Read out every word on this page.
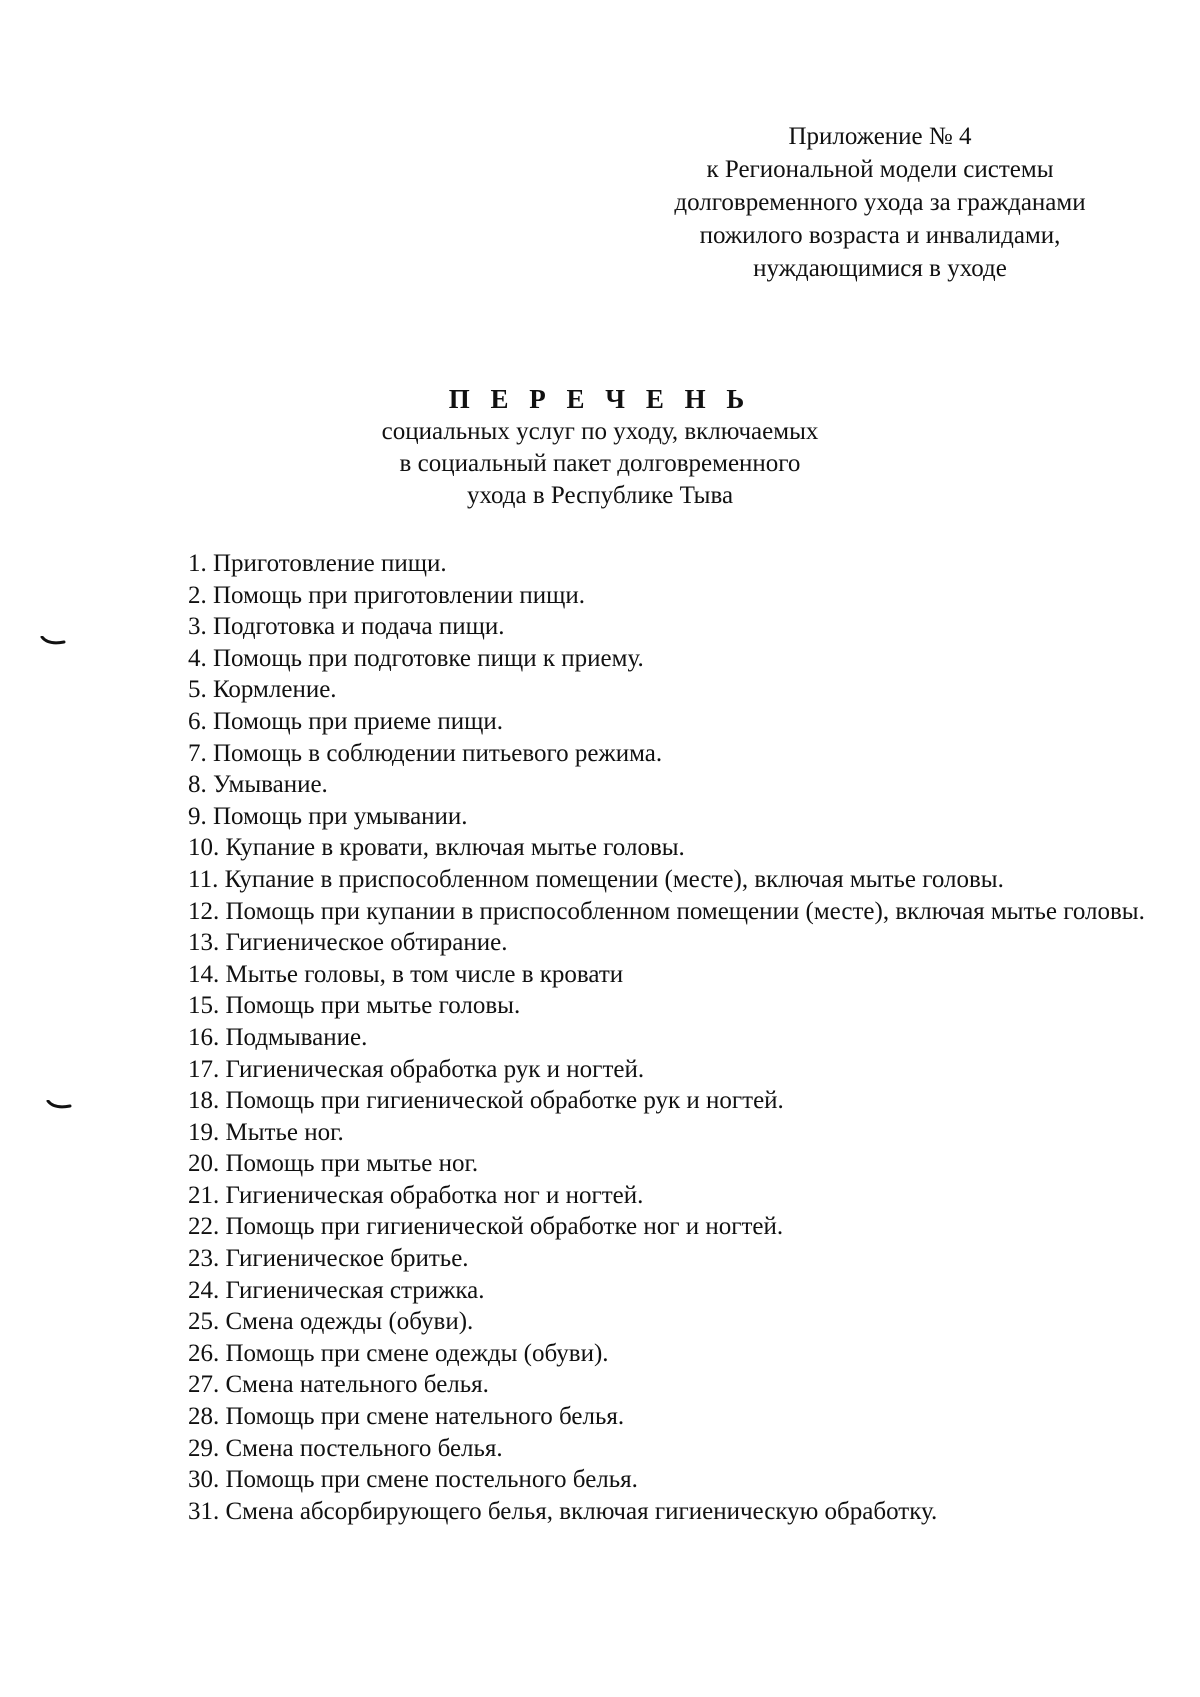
Приложение № 4
к Региональной модели системы
долговременного ухода за гражданами
пожилого возраста и инвалидами,
нуждающимися в уходе
П Е Р Е Ч Е Н Ь
социальных услуг по уходу, включаемых
в социальный пакет долговременного
ухода в Республике Тыва
1. Приготовление пищи.
2. Помощь при приготовлении пищи.
3. Подготовка и подача пищи.
4. Помощь при подготовке пищи к приему.
5. Кормление.
6. Помощь при приеме пищи.
7. Помощь в соблюдении питьевого режима.
8. Умывание.
9. Помощь при умывании.
10. Купание в кровати, включая мытье головы.
11. Купание в приспособленном помещении (месте), включая мытье головы.
12. Помощь при купании в приспособленном помещении (месте), включая мытье головы.
13. Гигиеническое обтирание.
14. Мытье головы, в том числе в кровати
15. Помощь при мытье головы.
16. Подмывание.
17. Гигиеническая обработка рук и ногтей.
18. Помощь при гигиенической обработке рук и ногтей.
19. Мытье ног.
20. Помощь при мытье ног.
21. Гигиеническая обработка ног и ногтей.
22. Помощь при гигиенической обработке ног и ногтей.
23. Гигиеническое бритье.
24. Гигиеническая стрижка.
25. Смена одежды (обуви).
26. Помощь при смене одежды (обуви).
27. Смена нательного белья.
28. Помощь при смене нательного белья.
29. Смена постельного белья.
30. Помощь при смене постельного белья.
31. Смена абсорбирующего белья, включая гигиеническую обработку.
